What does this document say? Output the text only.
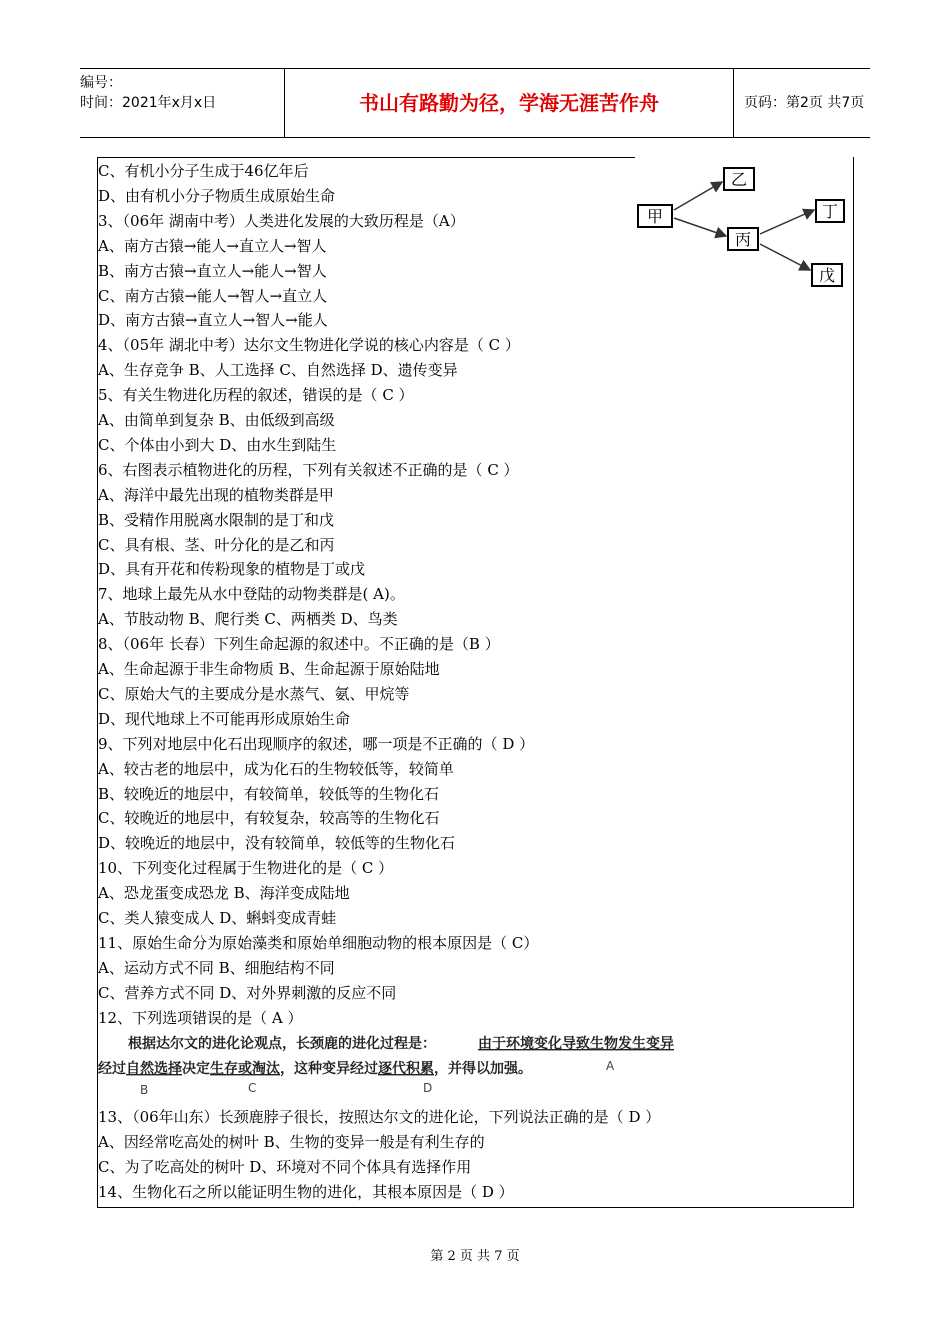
编号：
时间：2021年x月x日	书山有路勤为径，学海无涯苦作舟	页码：第2页 共7页
C、有机小分子生成于46亿年后
D、由有机小分子物质生成原始生命
3、（06年 湖南中考）人类进化发展的大致历程是（A）
A、南方古猿→能人→直立人→智人
B、南方古猿→直立人→能人→智人
C、南方古猿→能人→智人→直立人
D、南方古猿→直立人→智人→能人
4、（05年 湖北中考）达尔文生物进化学说的核心内容是（ C ）
A、生存竞争 B、人工选择 C、自然选择 D、遗传变异
5、有关生物进化历程的叙述，错误的是（ C ）
A、由简单到复杂 B、由低级到高级
C、个体由小到大 D、由水生到陆生
6、右图表示植物进化的历程，下列有关叙述不正确的是（ C ）
A、海洋中最先出现的植物类群是甲
B、受精作用脱离水限制的是丁和戊
C、具有根、茎、叶分化的是乙和丙
D、具有开花和传粉现象的植物是丁或戊
7、地球上最先从水中登陆的动物类群是( A)。
A、节肢动物 B、爬行类 C、两栖类 D、鸟类
8、（06年 长春）下列生命起源的叙述中。不正确的是（B ）
A、生命起源于非生命物质 B、生命起源于原始陆地
C、原始大气的主要成分是水蒸气、氨、甲烷等
D、现代地球上不可能再形成原始生命
9、下列对地层中化石出现顺序的叙述，哪一项是不正确的（ D ）
A、较古老的地层中，成为化石的生物较低等，较简单
B、较晚近的地层中，有较简单，较低等的生物化石
C、较晚近的地层中，有较复杂，较高等的生物化石
D、较晚近的地层中，没有较简单，较低等的生物化石
10、下列变化过程属于生物进化的是（ C ）
A、恐龙蛋变成恐龙 B、海洋变成陆地
C、类人猿变成人 D、蝌蚪变成青蛙
11、原始生命分为原始藻类和原始单细胞动物的根本原因是（ C）
A、运动方式不同 B、细胞结构不同
C、营养方式不同 D、对外界刺激的反应不同
12、下列选项错误的是（ A ）
甲
乙
丙
丁
戊
根据达尔文的进化论观点，长颈鹿的进化过程是：	由于环境变化导致生物发生变异
经过自然选择决定生存或淘汰，这种变异经过逐代积累，并得以加强。	A
B	C	D
13、（06年山东）长颈鹿脖子很长，按照达尔文的进化论，下列说法正确的是（ D ）
A、因经常吃高处的树叶 B、生物的变异一般是有利生存的
C、为了吃高处的树叶 D、环境对不同个体具有选择作用
14、生物化石之所以能证明生物的进化，其根本原因是（ D ）
第 2 页 共 7 页
